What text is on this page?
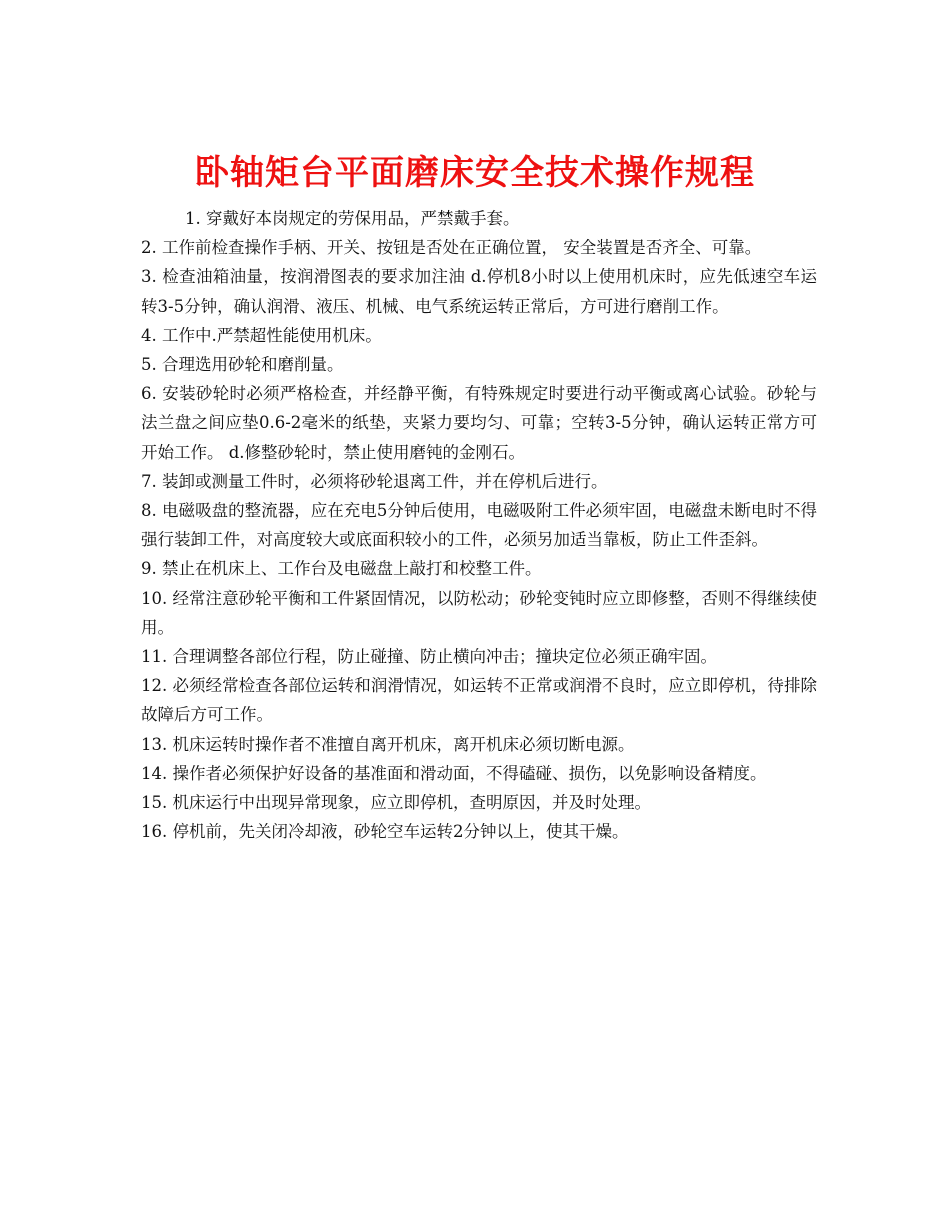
卧轴矩台平面磨床安全技术操作规程

1. 穿戴好本岗规定的劳保用品，严禁戴手套。

2. 工作前检查操作手柄、开关、按钮是否处在正确位置， 安全装置是否齐全、可靠。

3. 检查油箱油量，按润滑图表的要求加注油 d.停机8小时以上使用机床时，应先低速空车运转3-5分钟，确认润滑、液压、机械、电气系统运转正常后，方可进行磨削工作。

4. 工作中.严禁超性能使用机床。

5. 合理选用砂轮和磨削量。

6. 安装砂轮时必须严格检查，并经静平衡，有特殊规定时要进行动平衡或离心试验。砂轮与法兰盘之间应垫0.6-2毫米的纸垫，夹紧力要均匀、可靠；空转3-5分钟，确认运转正常方可开始工作。 d.修整砂轮时，禁止使用磨钝的金刚石。

7. 装卸或测量工件时，必须将砂轮退离工件，并在停机后进行。

8. 电磁吸盘的整流器，应在充电5分钟后使用，电磁吸附工件必须牢固，电磁盘未断电时不得强行装卸工件，对高度较大或底面积较小的工件，必须另加适当靠板，防止工件歪斜。

9. 禁止在机床上、工作台及电磁盘上敲打和校整工件。

10. 经常注意砂轮平衡和工件紧固情况，以防松动；砂轮变钝时应立即修整，否则不得继续使用。

11. 合理调整各部位行程，防止碰撞、防止横向冲击；撞块定位必须正确牢固。

12. 必须经常检查各部位运转和润滑情况，如运转不正常或润滑不良时，应立即停机，待排除故障后方可工作。

13. 机床运转时操作者不准擅自离开机床，离开机床必须切断电源。

14. 操作者必须保护好设备的基准面和滑动面，不得磕碰、损伤，以免影响设备精度。

15. 机床运行中出现异常现象，应立即停机，查明原因，并及时处理。

16. 停机前，先关闭冷却液，砂轮空车运转2分钟以上，使其干燥。
